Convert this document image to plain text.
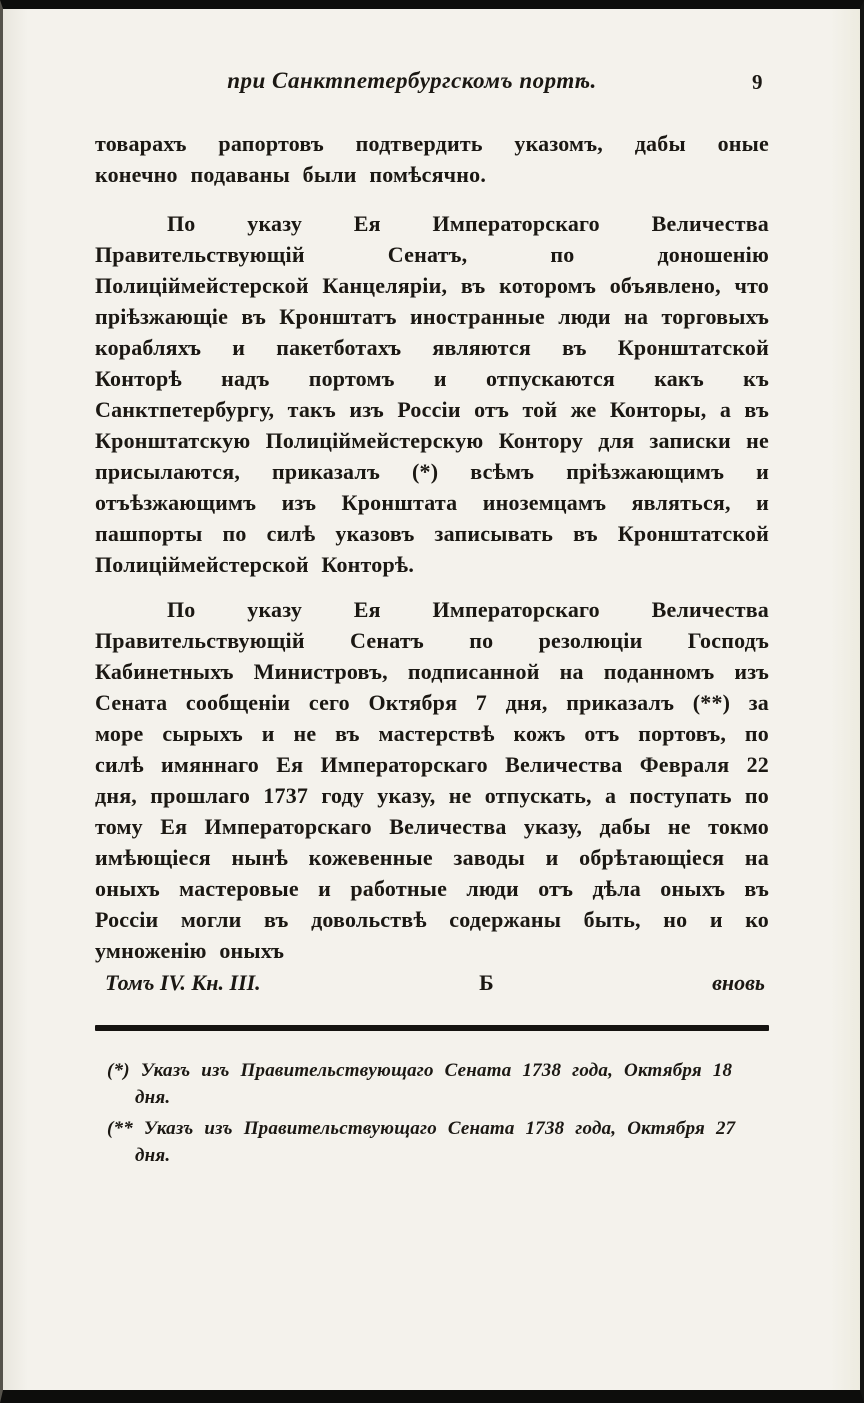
при Санктпетербургскомъ портѣ.	9

товарахъ рапортовъ подтвердить указомъ, дабы оные конечно подаваны были помѣсячно.

По указу Ея Императорскаго Величества Правительствующій Сенатъ, по доношенію Полиціймейстерской Канцеляріи, въ которомъ объявлено, что пріѣзжающіе въ Кронштатъ иностранные люди на торговыхъ корабляхъ и пакетботахъ являются въ Кронштатской Конторѣ надъ портомъ и отпускаются какъ къ Санктпетербургу, такъ изъ Россіи отъ той же Конторы, а въ Кронштатскую Полиціймейстерскую Контору для записки не присылаются, приказалъ (*) всѣмъ пріѣзжающимъ и отъѣзжающимъ изъ Кронштата иноземцамъ являться, и пашпорты по силѣ указовъ записывать въ Кронштатской Полиціймейстерской Конторѣ.

По указу Ея Императорскаго Величества Правительствующій Сенатъ по резолюціи Господъ Кабинетныхъ Министровъ, подписанной на поданномъ изъ Сената сообщеніи сего Октября 7 дня, приказалъ (**) за море сырыхъ и не въ мастерствѣ кожъ отъ портовъ, по силѣ имяннаго Ея Императорскаго Величества Февраля 22 дня, прошлаго 1737 году указу, не отпускать, а поступать по тому Ея Императорскаго Величества указу, дабы не токмо имѣющіеся нынѣ кожевенные заводы и обрѣтающіеся на оныхъ мастеровые и работные люди отъ дѣла оныхъ въ Россіи могли въ довольствѣ содержаны быть, но и ко умноженію оныхъ

Томъ IV. Кн. III.	Б	вновь

(*) Указъ изъ Правительствующаго Сената 1738 года, Октября 18 дня.

(** Указъ изъ Правительствующаго Сената 1738 года, Октября 27 дня.
